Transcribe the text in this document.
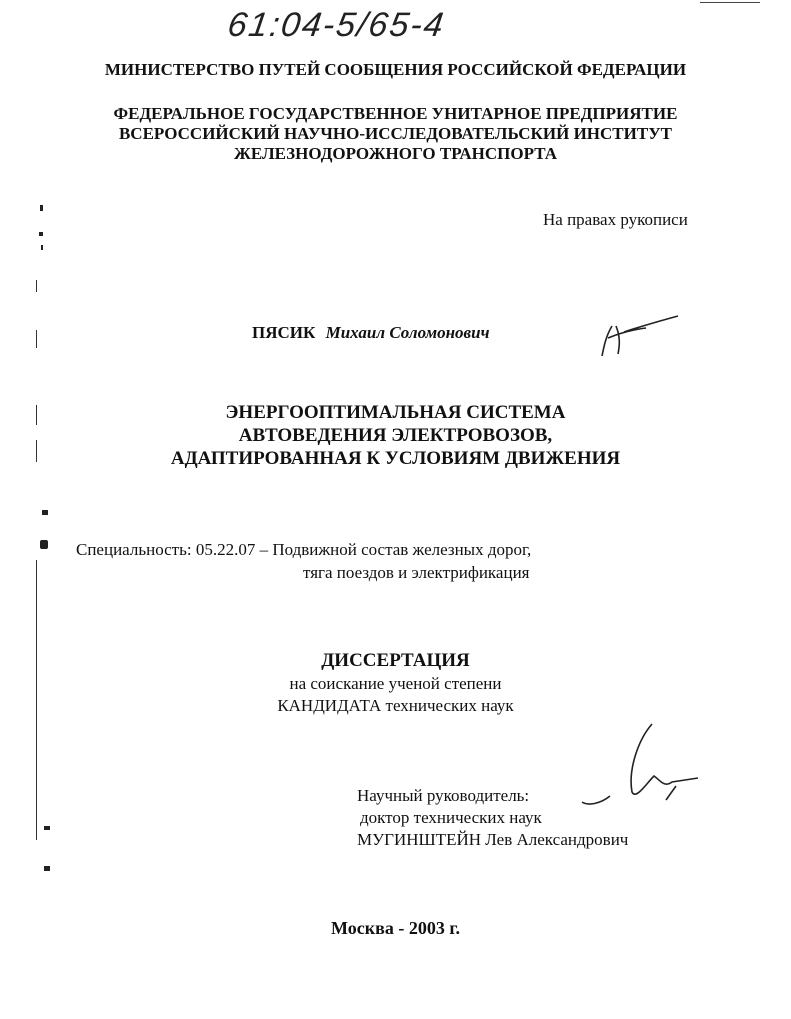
61:04-5/65-4
МИНИСТЕРСТВО ПУТЕЙ СООБЩЕНИЯ РОССИЙСКОЙ ФЕДЕРАЦИИ
ФЕДЕРАЛЬНОЕ ГОСУДАРСТВЕННОЕ УНИТАРНОЕ ПРЕДПРИЯТИЕ
ВСЕРОССИЙСКИЙ НАУЧНО-ИССЛЕДОВАТЕЛЬСКИЙ ИНСТИТУТ
ЖЕЛЕЗНОДОРОЖНОГО ТРАНСПОРТА
На правах рукописи
ПЯСИК Михаил Соломонович
ЭНЕРГООПТИМАЛЬНАЯ СИСТЕМА
АВТОВЕДЕНИЯ ЭЛЕКТРОВОЗОВ,
АДАПТИРОВАННАЯ К УСЛОВИЯМ ДВИЖЕНИЯ
Специальность: 05.22.07 – Подвижной состав железных дорог,
тяга поездов и электрификация
ДИССЕРТАЦИЯ
на соискание ученой степени
КАНДИДАТА технических наук
Научный руководитель:
доктор технических наук
МУГИНШТЕЙН Лев Александрович
Москва - 2003 г.
